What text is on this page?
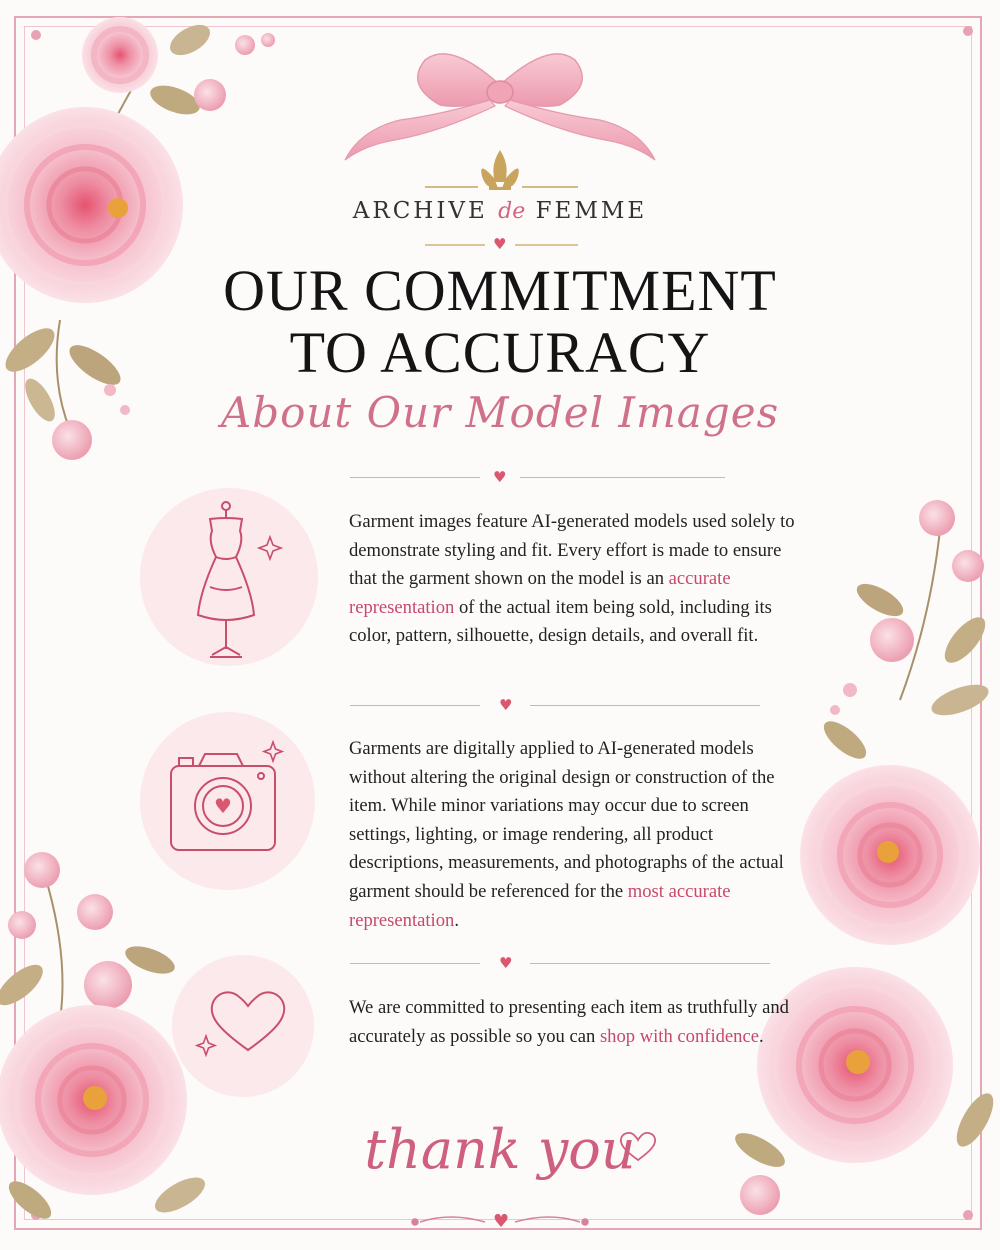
♥
ARCHIVE de FEMME
OUR COMMITMENT
TO ACCURACY
About Our Model Images
♥

Garment images feature AI-generated models used solely to demonstrate styling and fit. Every effort is made to ensure that the garment shown on the model is an accurate representation of the actual item being sold, including its color, pattern, silhouette, design details, and overall fit.

♥
♥

Garments are digitally applied to AI-generated models without altering the original design or construction of the item. While minor variations may occur due to screen settings, lighting, or image rendering, all product descriptions, measurements, and photographs of the actual garment should be referenced for the most accurate representation.

♥

We are committed to presenting each item as truthfully and accurately as possible so you can shop with confidence.

thank you
♥
